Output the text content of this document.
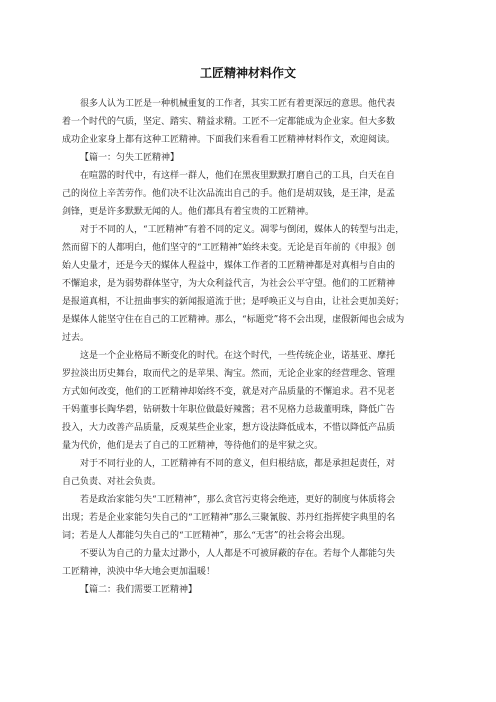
工匠精神材料作文
很多人认为工匠是一种机械重复的工作者，其实工匠有着更深远的意思。他代表
着一个时代的气质，坚定、踏实、精益求精。工匠不一定都能成为企业家。但大多数
成功企业家身上都有这种工匠精神。下面我们来看看工匠精神材料作文，欢迎阅读。
【篇一：匀失工匠精神】
在喧嚣的时代中，有这样一群人，他们在黑夜里默默打磨自己的工具，白天在自
己的岗位上辛苦劳作。他们决不让次品流出自己的手。他们是胡双钱，是王津，是孟
剑锋，更是许多默默无闻的人。他们都具有着宝贵的工匠精神。
对于不同的人，“工匠精神”有着不同的定义。凋零与倒闭，媒体人的转型与出走，
然而留下的人都明白，他们坚守的“工匠精神”始终未变。无论是百年前的《申报》创
始人史量才，还是今天的媒体人程益中，媒体工作者的工匠精神都是对真相与自由的
不懈追求，是为弱势群体坚守，为大众利益代言，为社会公平守望。他们的工匠精神
是报道真相，不让扭曲事实的新闻报道流于世；是呼唤正义与自由，让社会更加美好；
是媒体人能坚守住在自己的工匠精神。那么，“标题党”将不会出现，虚假新闻也会成为
过去。
这是一个企业格局不断变化的时代。在这个时代，一些传统企业，诺基亚、摩托
罗拉淡出历史舞台，取而代之的是苹果、淘宝。然而，无论企业家的经营理念、管理
方式如何改变，他们的工匠精神却始终不变，就是对产品质量的不懈追求。君不见老
干妈董事长陶华碧，钻研数十年职位做最好辣酱；君不见格力总裁董明珠，降低广告
投入，大力改善产品质量，反观某些企业家，想方设法降低成本，不惜以降低产品质
量为代价，他们是去了自己的工匠精神，等待他们的是牢狱之灾。
对于不同行业的人，工匠精神有不同的意义，但归根结底，都是承担起责任，对
自己负责、对社会负责。
若是政治家能匀失“工匠精神”，那么贪官污吏将会绝迹，更好的制度与体质将会
出现；若是企业家能匀失自己的“工匠精神”那么三聚氰胺、苏丹红指挥使字典里的名
词；若是人人都能匀失自己的“工匠精神”，那么“无害”的社会将会出现。
不要认为自己的力量太过渺小，人人都是不可被屏蔽的存在。若每个人都能匀失
工匠精神，泱泱中华大地会更加温暖！
【篇二：我们需要工匠精神】
